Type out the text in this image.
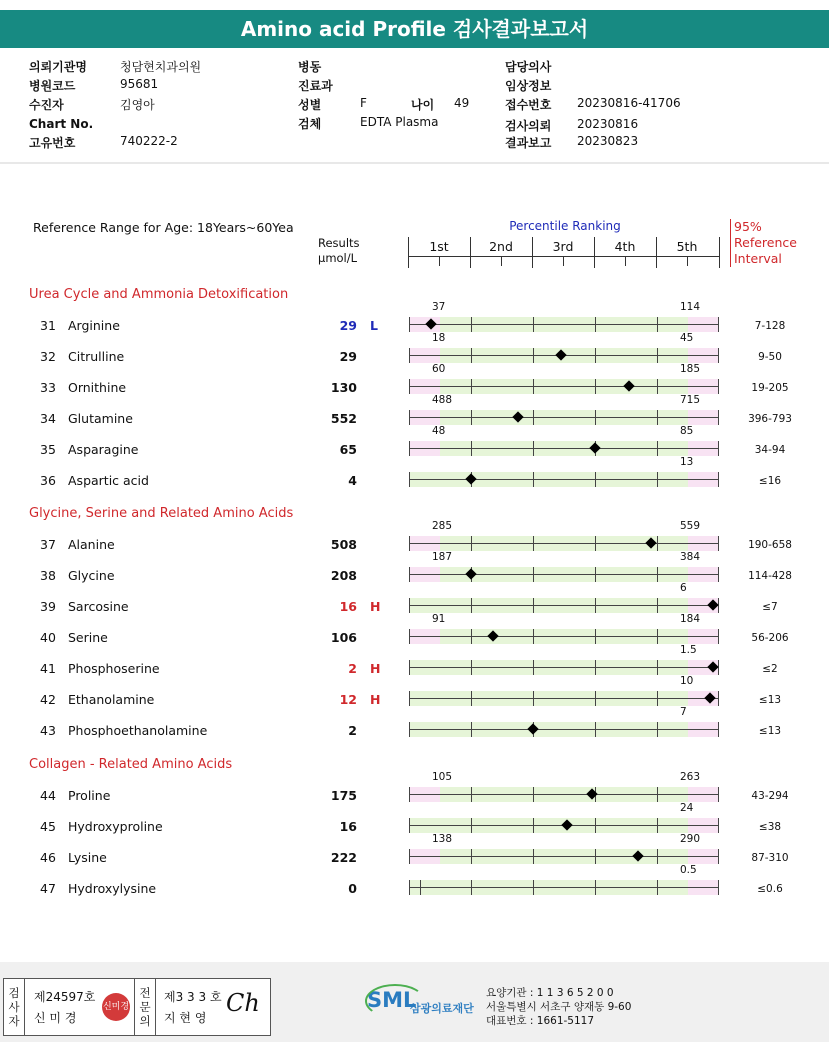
Amino acid Profile 검사결과보고서
의뢰기관명	청담현치과의원
병원코드	95681
수진자	김영아
Chart No.
고유번호	740222-2
병동
진료과
성별	F	나이 49
검체	EDTA Plasma
담당의사
임상정보
접수번호 20230816-41706
검사의뢰 20230816
결과보고 20230823
Reference Range for Age: 18Years~60Yea
Results
µmol/L
Percentile Ranking
1st	2nd	3rd	4th	5th
95%
Reference
Interval
Urea Cycle and Ammonia Detoxification
31 Arginine	29 L	7-128
37	114
32 Citrulline	29	9-50
18	45
33 Ornithine	130	19-205
60	185
34 Glutamine	552	396-793
488	715
35 Asparagine	65	34-94
48	85
36 Aspartic acid	4	≤16
13
Glycine, Serine and Related Amino Acids
37 Alanine	508	190-658
285	559
38 Glycine	208	114-428
187	384
39 Sarcosine	16 H	≤7
6
40 Serine	106	56-206
91	184
41 Phosphoserine	2 H	≤2
1.5
42 Ethanolamine	12 H	≤13
10
43 Phosphoethanolamine	2	≤13
7
Collagen - Related Amino Acids
44 Proline	175	43-294
105	263
45 Hydroxyproline	16	≤38
24
46 Lysine	222	87-310
138	290
47 Hydroxylysine	0	≤0.6
0.5
검
사
자
제24597호
신 미 경
신미경
전
문
의
제3 3 3 호
지 현 영
Ch	SML
삼광의료재단
요양기관 : 1 1 3 6 5 2 0 0
서울특별시 서초구 양재동 9-60
대표번호 : 1661-5117
